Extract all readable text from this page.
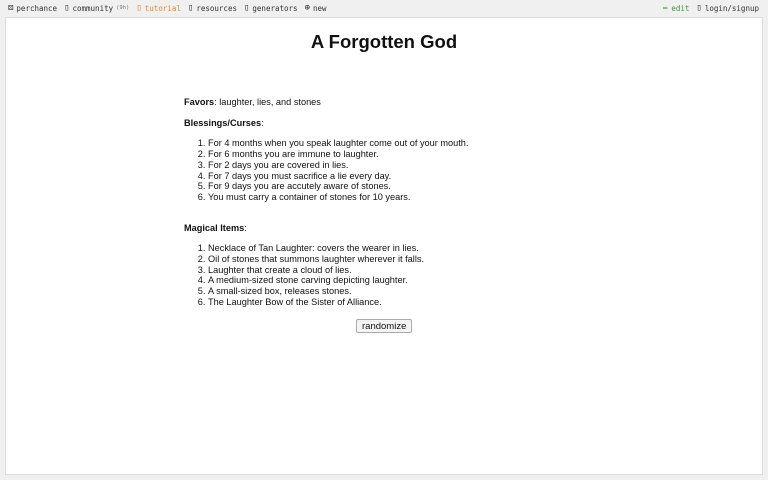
⚄ perchance ▯ community (9h) ▯ tutorial ▯ resources ▯ generators ⊕ new	✏ edit ▯ login/signup
A Forgotten God
Favors: laughter, lies, and stones
Blessings/Curses:
1. For 4 months when you speak laughter come out of your mouth.
2. For 6 months you are immune to laughter.
3. For 2 days you are covered in lies.
4. For 7 days you must sacrifice a lie every day.
5. For 9 days you are accutely aware of stones.
6. You must carry a container of stones for 10 years.
Magical Items:
1. Necklace of Tan Laughter: covers the wearer in lies.
2. Oil of stones that summons laughter wherever it falls.
3. Laughter that create a cloud of lies.
4. A medium-sized stone carving depicting laughter.
5. A small-sized box, releases stones.
6. The Laughter Bow of the Sister of Alliance.
randomize
